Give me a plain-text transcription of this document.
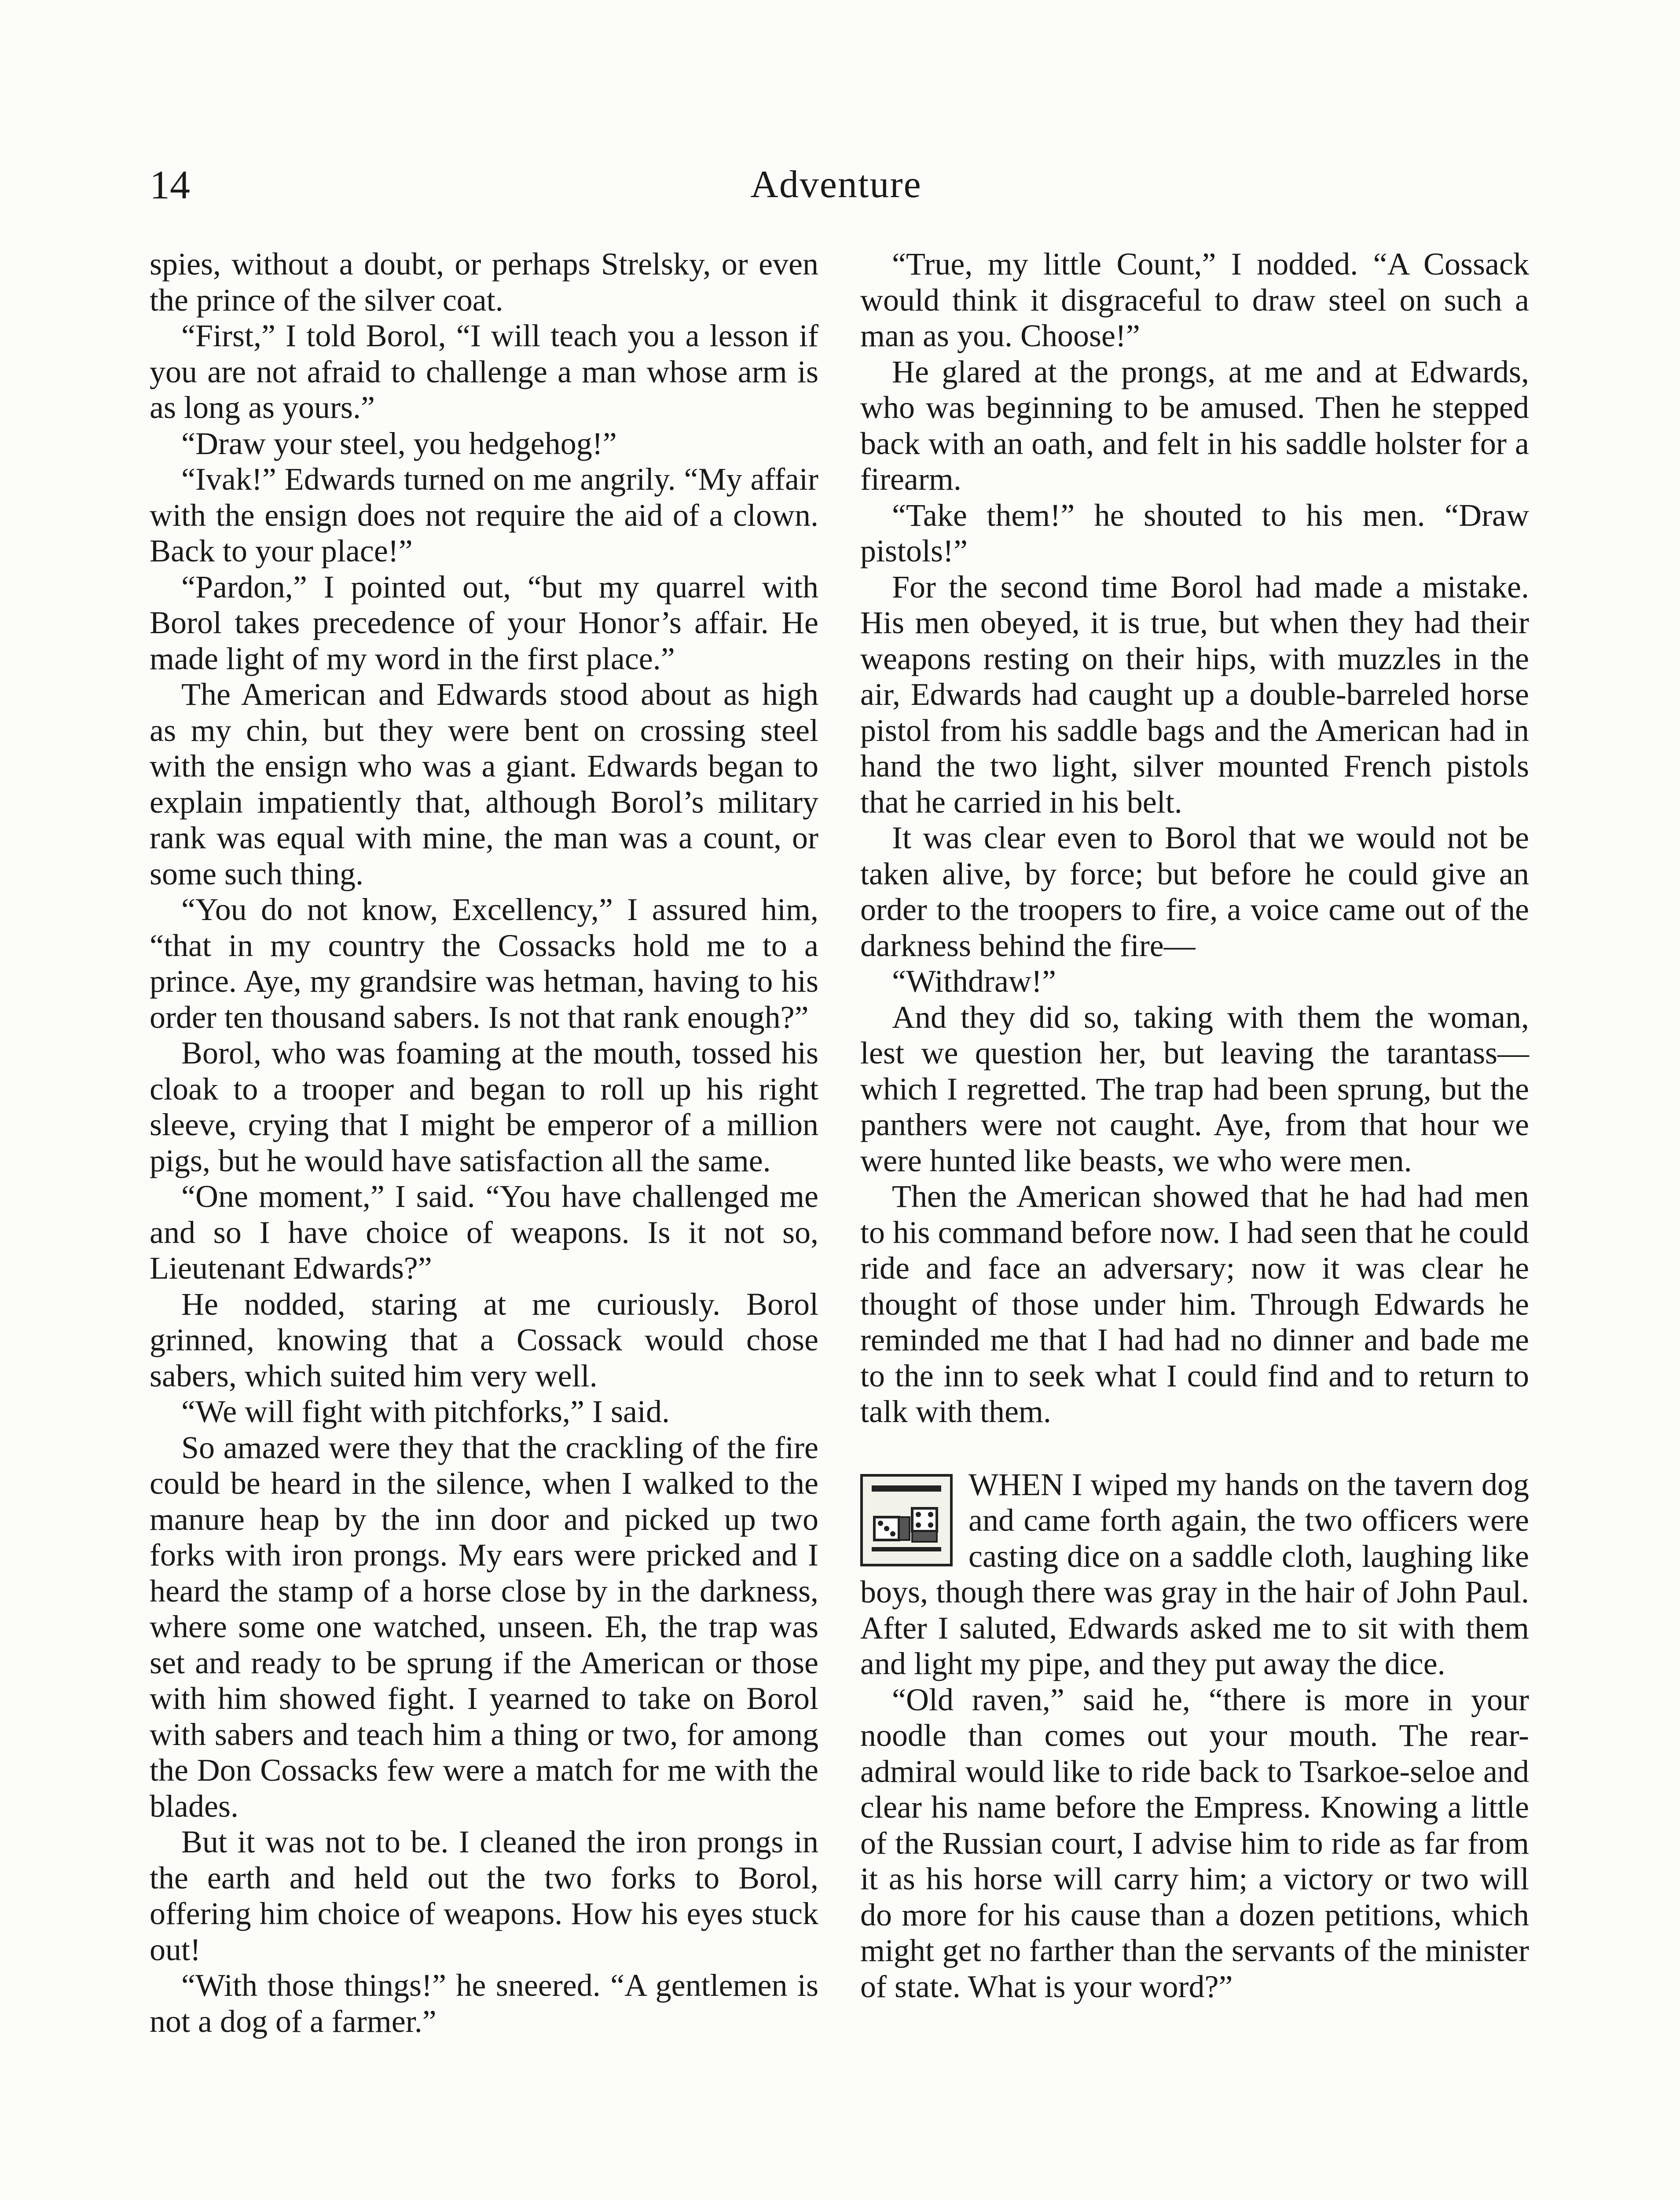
14	Adventure

spies, without a doubt, or perhaps Strelsky, or even the prince of the silver coat.

“First,” I told Borol, “I will teach you a lesson if you are not afraid to challenge a man whose arm is as long as yours.”

“Draw your steel, you hedgehog!”

“Ivak!” Edwards turned on me angrily. “My affair with the ensign does not require the aid of a clown. Back to your place!”

“Pardon,” I pointed out, “but my quarrel with Borol takes precedence of your Honor’s affair. He made light of my word in the first place.”

The American and Edwards stood about as high as my chin, but they were bent on crossing steel with the ensign who was a giant. Edwards began to explain impatiently that, although Borol’s military rank was equal with mine, the man was a count, or some such thing.

“You do not know, Excellency,” I assured him, “that in my country the Cossacks hold me to a prince. Aye, my grandsire was hetman, having to his order ten thousand sabers. Is not that rank enough?”

Borol, who was foaming at the mouth, tossed his cloak to a trooper and began to roll up his right sleeve, crying that I might be emperor of a million pigs, but he would have satisfaction all the same.

“One moment,” I said. “You have challenged me and so I have choice of weapons. Is it not so, Lieutenant Edwards?”

He nodded, staring at me curiously. Borol grinned, knowing that a Cossack would chose sabers, which suited him very well.

“We will fight with pitchforks,” I said.

So amazed were they that the crackling of the fire could be heard in the silence, when I walked to the manure heap by the inn door and picked up two forks with iron prongs. My ears were pricked and I heard the stamp of a horse close by in the darkness, where some one watched, unseen. Eh, the trap was set and ready to be sprung if the American or those with him showed fight. I yearned to take on Borol with sabers and teach him a thing or two, for among the Don Cossacks few were a match for me with the blades.

But it was not to be. I cleaned the iron prongs in the earth and held out the two forks to Borol, offering him choice of weapons. How his eyes stuck out!

“With those things!” he sneered. “A gentlemen is not a dog of a farmer.”

“True, my little Count,” I nodded. “A Cossack would think it disgraceful to draw steel on such a man as you. Choose!”

He glared at the prongs, at me and at Edwards, who was beginning to be amused. Then he stepped back with an oath, and felt in his saddle holster for a firearm.

“Take them!” he shouted to his men. “Draw pistols!”

For the second time Borol had made a mistake. His men obeyed, it is true, but when they had their weapons resting on their hips, with muzzles in the air, Edwards had caught up a double-barreled horse pistol from his saddle bags and the American had in hand the two light, silver mounted French pistols that he carried in his belt.

It was clear even to Borol that we would not be taken alive, by force; but before he could give an order to the troopers to fire, a voice came out of the darkness behind the fire—

“Withdraw!”

And they did so, taking with them the woman, lest we question her, but leaving the tarantass—which I regretted. The trap had been sprung, but the panthers were not caught. Aye, from that hour we were hunted like beasts, we who were men.

Then the American showed that he had had men to his command before now. I had seen that he could ride and face an adversary; now it was clear he thought of those under him. Through Edwards he reminded me that I had had no dinner and bade me to the inn to seek what I could find and to return to talk with them.

WHEN I wiped my hands on the tavern dog and came forth again, the two officers were casting dice on a saddle cloth, laughing like boys, though there was gray in the hair of John Paul. After I saluted, Edwards asked me to sit with them and light my pipe, and they put away the dice.

“Old raven,” said he, “there is more in your noodle than comes out your mouth. The rear-admiral would like to ride back to Tsarkoe-seloe and clear his name before the Empress. Knowing a little of the Russian court, I advise him to ride as far from it as his horse will carry him; a victory or two will do more for his cause than a dozen petitions, which might get no farther than the servants of the minister of state. What is your word?”
